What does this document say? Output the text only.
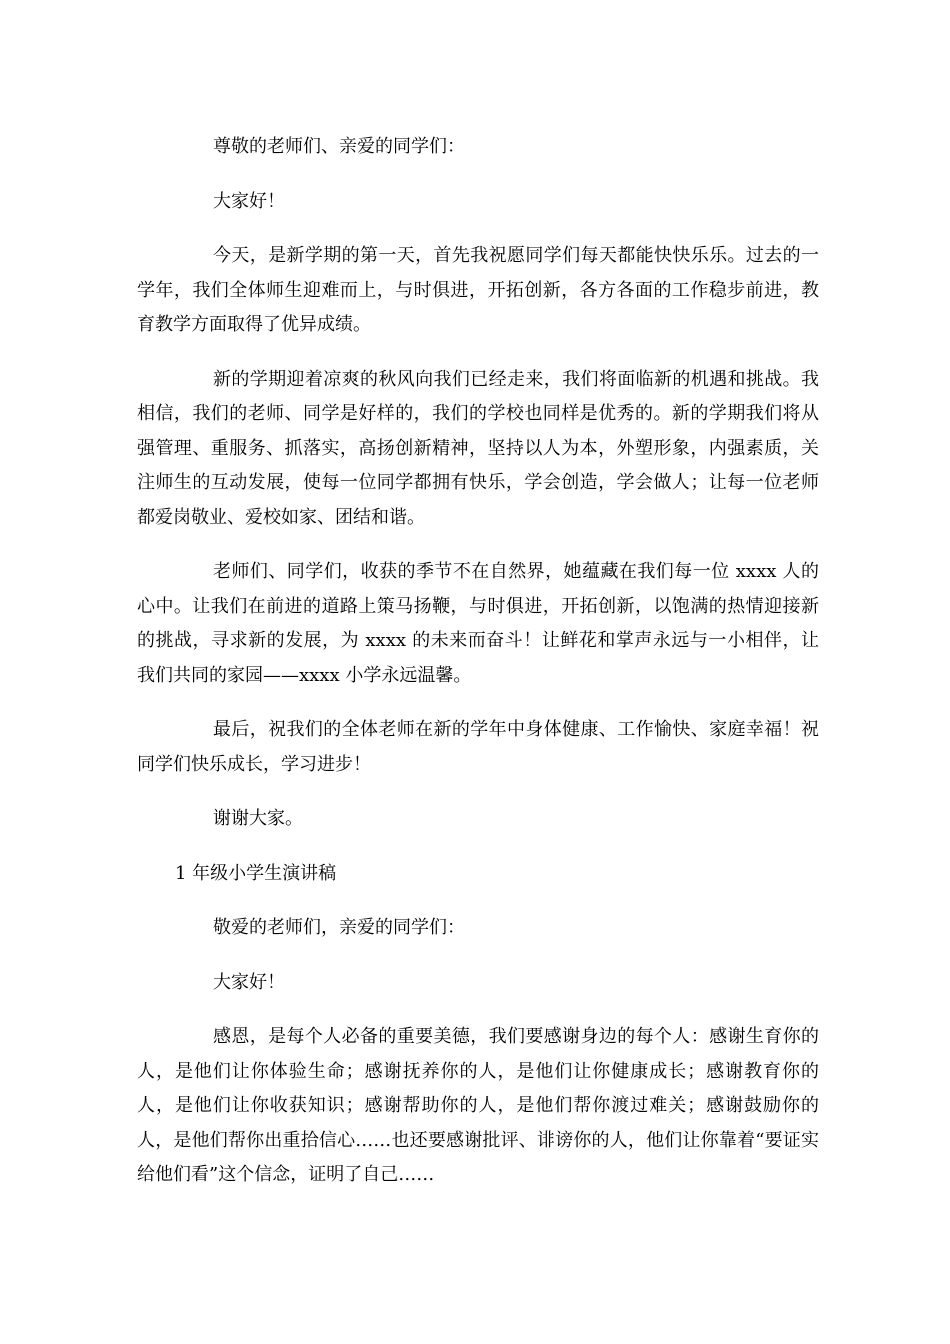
尊敬的老师们、亲爱的同学们：

大家好！

今天，是新学期的第一天，首先我祝愿同学们每天都能快快乐乐。过去的一学年，我们全体师生迎难而上，与时俱进，开拓创新，各方各面的工作稳步前进，教育教学方面取得了优异成绩。

新的学期迎着凉爽的秋风向我们已经走来，我们将面临新的机遇和挑战。我相信，我们的老师、同学是好样的，我们的学校也同样是优秀的。新的学期我们将从强管理、重服务、抓落实，高扬创新精神，坚持以人为本，外塑形象，内强素质，关注师生的互动发展，使每一位同学都拥有快乐，学会创造，学会做人；让每一位老师都爱岗敬业、爱校如家、团结和谐。

老师们、同学们，收获的季节不在自然界，她蕴藏在我们每一位 xxxx 人的心中。让我们在前进的道路上策马扬鞭，与时俱进，开拓创新，以饱满的热情迎接新的挑战，寻求新的发展，为 xxxx 的未来而奋斗！让鲜花和掌声永远与一小相伴，让我们共同的家园——xxxx 小学永远温馨。

最后，祝我们的全体老师在新的学年中身体健康、工作愉快、家庭幸福！祝同学们快乐成长，学习进步！

谢谢大家。

1 年级小学生演讲稿

敬爱的老师们，亲爱的同学们：

大家好！

感恩，是每个人必备的重要美德，我们要感谢身边的每个人：感谢生育你的人，是他们让你体验生命；感谢抚养你的人，是他们让你健康成长；感谢教育你的人，是他们让你收获知识；感谢帮助你的人，是他们帮你渡过难关；感谢鼓励你的人，是他们帮你出重拾信心……也还要感谢批评、诽谤你的人，他们让你靠着“要证实给他们看”这个信念，证明了自己……
